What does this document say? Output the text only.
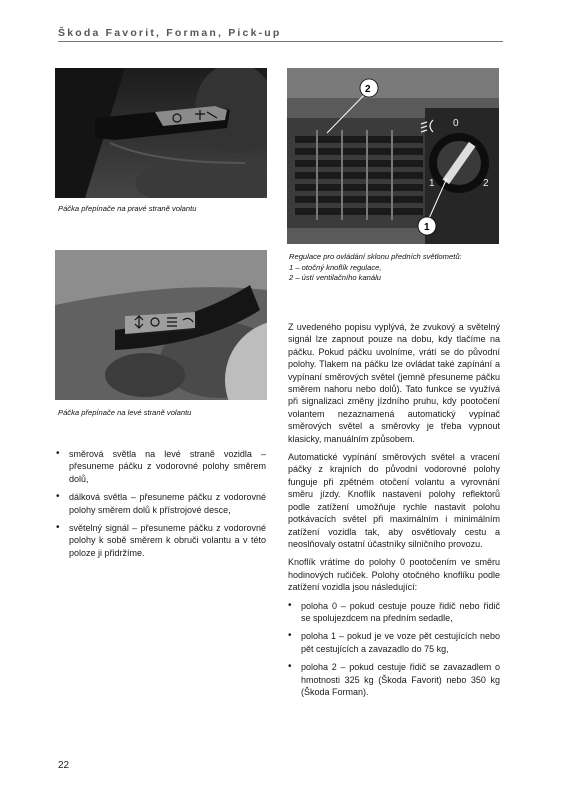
Škoda Favorit, Forman, Pick-up
Páčka přepínače na pravé straně volantu
0
1	2
2
1
Regulace pro ovládání sklonu předních světlometů:
1 – otočný knoflík regulace,
2 – ústí ventilačního kanálu
Páčka přepínače na levé straně volantu
• směrová světla na levé straně vozidla – přesuneme páčku z vodorovné polohy směrem dolů,
• dálková světla – přesuneme páčku z vodorovné polohy směrem dolů k přístrojové desce,
• světelný signál – přesuneme páčku z vodorovné polohy k sobě směrem k obruči volantu a v této poloze ji přidržíme.

Z uvedeného popisu vyplývá, že zvukový a světelný signál lze zapnout pouze na dobu, kdy tlačíme na páčku. Pokud páčku uvolníme, vrátí se do původní polohy. Tlakem na páčku lze ovládat také zapínání a vypínaní směrových světel (jemně přesuneme páčku směrem nahoru nebo dolů). Tato funkce se využívá při signalizaci změny jízdního pruhu, kdy pootočení volantem nezaznamená automatický vypínač směrových světel a směrovky je třeba vypnout klasicky, manuálním způsobem.

Automatické vypínání směrových světel a vracení páčky z krajních do původní vodorovné polohy funguje při zpětném otočení volantu a vyrovnání směru jízdy. Knoflík nastavení polohy reflektorů podle zatížení umožňuje rychle nastavit polohu potkávacích světel při maximálním i minimálním zatížení vozidla tak, aby osvětlovaly cestu a neoslňovaly ostatní účastníky silničního provozu.

Knoflík vrátíme do polohy 0 pootočením ve směru hodinových ručiček. Polohy otočného knoflíku podle zatížení vozidla jsou následující:

• poloha 0 – pokud cestuje pouze řidič nebo řidič se spolujezdcem na předním sedadle,
• poloha 1 – pokud je ve voze pět cestujících nebo pět cestujících a zavazadlo do 75 kg,
• poloha 2 – pokud cestuje řidič se zavazadlem o hmotnosti 325 kg (Škoda Favorit) nebo 350 kg (Škoda Forman).
22
